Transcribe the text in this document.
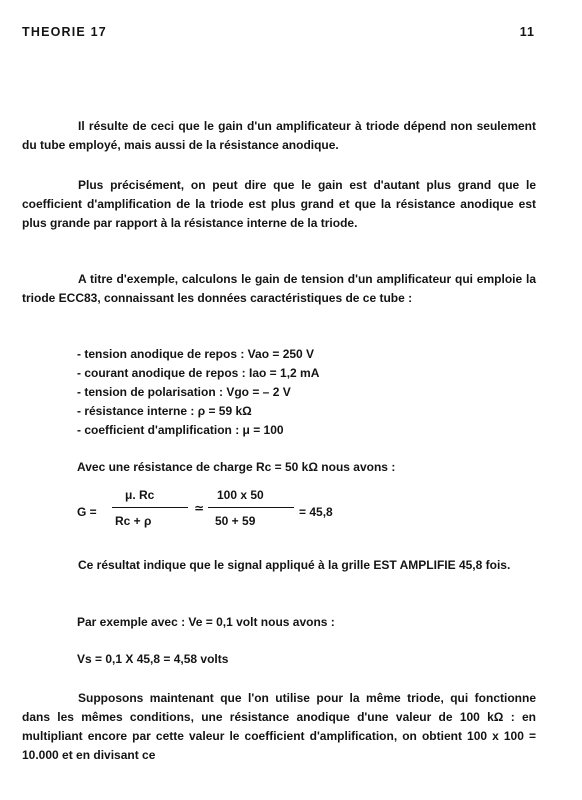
THEORIE 17	11
Il résulte de ceci que le gain d'un amplificateur à triode dépend non seulement du tube employé, mais aussi de la résistance anodique.
Plus précisément, on peut dire que le gain est d'autant plus grand que le coefficient d'amplification de la triode est plus grand et que la résistance anodique est plus grande par rapport à la résistance interne de la triode.
A titre d'exemple, calculons le gain de tension d'un amplificateur qui emploie la triode ECC83, connaissant les données caractéristiques de ce tube :
- tension anodique de repos : Vao = 250 V
- courant anodique de repos : Iao = 1,2 mA
- tension de polarisation : Vgo = – 2 V
- résistance interne : ρ = 59 kΩ
- coefficient d'amplification : μ = 100
Avec une résistance de charge Rc = 50 kΩ nous avons :
G =
μ. Rc
Rc + ρ
≃
100 x 50
50 + 59
= 45,8
Ce résultat indique que le signal appliqué à la grille EST AMPLIFIE 45,8 fois.
Par exemple avec : Ve = 0,1 volt nous avons :
Vs = 0,1 X 45,8 = 4,58 volts
Supposons maintenant que l'on utilise pour la même triode, qui fonctionne dans les mêmes conditions, une résistance anodique d'une valeur de 100 kΩ : en multipliant encore par cette valeur le coefficient d'amplification, on obtient 100 x 100 = 10.000 et en divisant ce
